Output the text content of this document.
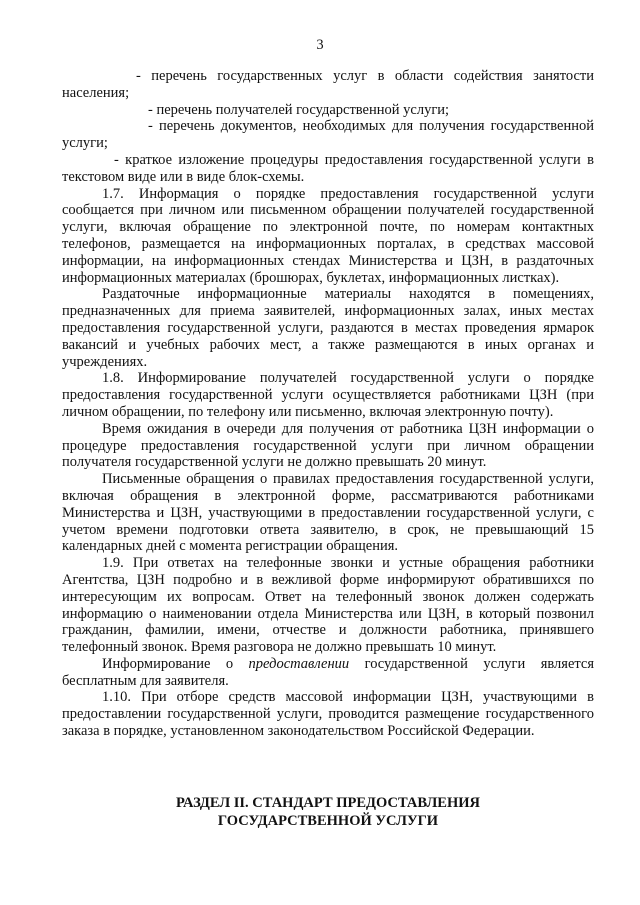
3

- перечень государственных услуг в области содействия занятости населения;

- перечень получателей государственной услуги;

- перечень документов, необходимых для получения государственной услуги;

- краткое изложение процедуры предоставления государственной услуги в текстовом виде или в виде блок-схемы.

1.7. Информация о порядке предоставления государственной услуги сообщается при личном или письменном обращении получателей государственной услуги, включая обращение по электронной почте, по номерам контактных телефонов, размещается на информационных порталах, в средствах массовой информации, на информационных стендах Министерства и ЦЗН, в раздаточных информационных материалах (брошюрах, буклетах, информационных листках).

Раздаточные информационные материалы находятся в помещениях, предназначенных для приема заявителей, информационных залах, иных местах предоставления государственной услуги, раздаются в местах проведения ярмарок вакансий и учебных рабочих мест, а также размещаются в иных органах и учреждениях.

1.8. Информирование получателей государственной услуги о порядке предоставления государственной услуги осуществляется работниками ЦЗН (при личном обращении, по телефону или письменно, включая электронную почту).

Время ожидания в очереди для получения от работника ЦЗН информации о процедуре предоставления государственной услуги при личном обращении получателя государственной услуги не должно превышать 20 минут.

Письменные обращения о правилах предоставления государственной услуги, включая обращения в электронной форме, рассматриваются работниками Министерства и ЦЗН, участвующими в предоставлении государственной услуги, с учетом времени подготовки ответа заявителю, в срок, не превышающий 15 календарных дней с момента регистрации обращения.

1.9. При ответах на телефонные звонки и устные обращения работники Агентства, ЦЗН подробно и в вежливой форме информируют обратившихся по интересующим их вопросам. Ответ на телефонный звонок должен содержать информацию о наименовании отдела Министерства или ЦЗН, в который позвонил гражданин, фамилии, имени, отчестве и должности работника, принявшего телефонный звонок. Время разговора не должно превышать 10 минут.

Информирование о предоставлении государственной услуги является бесплатным для заявителя.

1.10. При отборе средств массовой информации ЦЗН, участвующими в предоставлении государственной услуги, проводится размещение государственного заказа в порядке, установленном законодательством Российской Федерации.

РАЗДЕЛ II. СТАНДАРТ ПРЕДОСТАВЛЕНИЯ
ГОСУДАРСТВЕННОЙ УСЛУГИ
